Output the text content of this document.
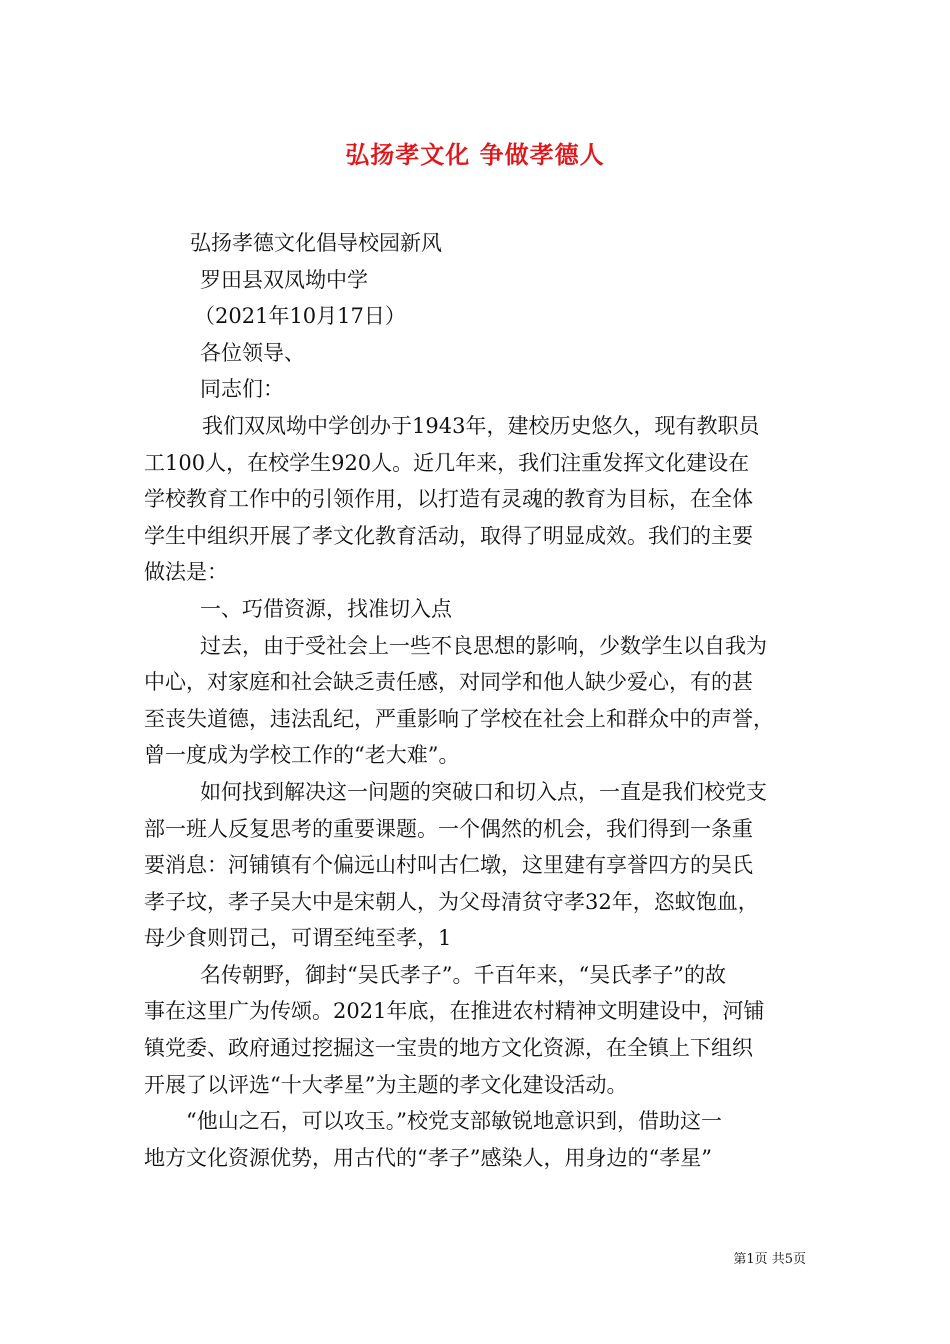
弘扬孝文化 争做孝德人
弘扬孝德文化倡导校园新风
罗田县双凤坳中学
（2021年10月17日）
各位领导、
同志们：
我们双凤坳中学创办于1943年，建校历史悠久，现有教职员
工100人，在校学生920人。近几年来，我们注重发挥文化建设在
学校教育工作中的引领作用，以打造有灵魂的教育为目标，在全体
学生中组织开展了孝文化教育活动，取得了明显成效。我们的主要
做法是：
一、巧借资源，找准切入点
过去，由于受社会上一些不良思想的影响，少数学生以自我为
中心，对家庭和社会缺乏责任感，对同学和他人缺少爱心，有的甚
至丧失道德，违法乱纪，严重影响了学校在社会上和群众中的声誉，
曾一度成为学校工作的“老大难”。
如何找到解决这一问题的突破口和切入点，一直是我们校党支
部一班人反复思考的重要课题。一个偶然的机会，我们得到一条重
要消息：河铺镇有个偏远山村叫古仁墩，这里建有享誉四方的吴氏
孝子坟，孝子吴大中是宋朝人，为父母清贫守孝32年，恣蚊饱血，
母少食则罚己，可谓至纯至孝，1
名传朝野，御封“吴氏孝子”。千百年来，“吴氏孝子”的故
事在这里广为传颂。2021年底，在推进农村精神文明建设中，河铺
镇党委、政府通过挖掘这一宝贵的地方文化资源，在全镇上下组织
开展了以评选“十大孝星”为主题的孝文化建设活动。
“他山之石，可以攻玉。”校党支部敏锐地意识到，借助这一
地方文化资源优势，用古代的“孝子”感染人，用身边的“孝星”
第1页 共5页
